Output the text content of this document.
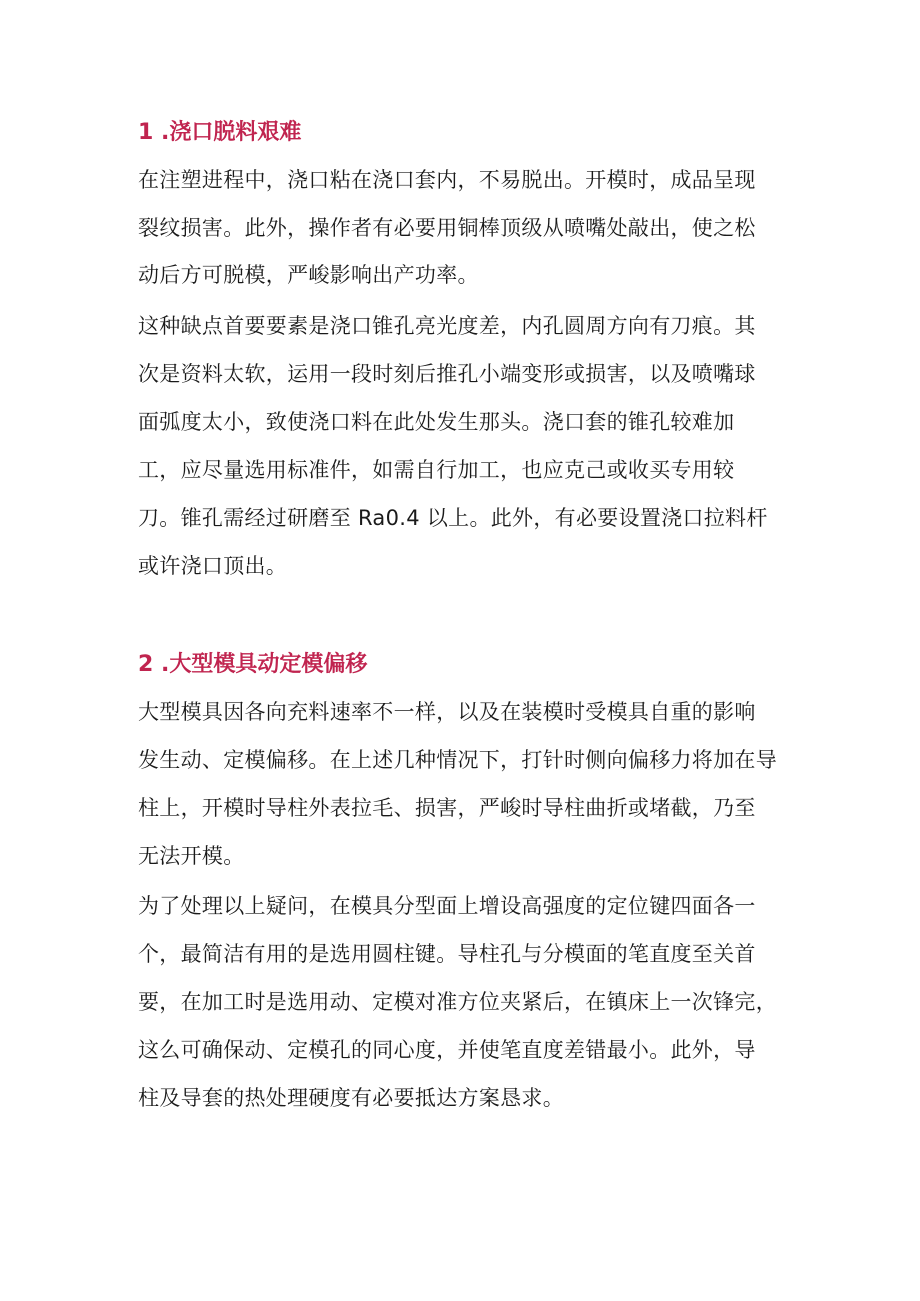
1 .浇口脱料艰难

在注塑进程中，浇口粘在浇口套内，不易脱出。开模时，成品呈现

裂纹损害。此外，操作者有必要用铜棒顶级从喷嘴处敲出，使之松

动后方可脱模，严峻影响出产功率。

这种缺点首要要素是浇口锥孔亮光度差，内孔圆周方向有刀痕。其

次是资料太软，运用一段时刻后推孔小端变形或损害，以及喷嘴球

面弧度太小，致使浇口料在此处发生那头。浇口套的锥孔较难加

工，应尽量选用标准件，如需自行加工，也应克己或收买专用较

刀。锥孔需经过研磨至 Ra0.4 以上。此外，有必要设置浇口拉料杆

或许浇口顶出。

2 .大型模具动定模偏移

大型模具因各向充料速率不一样，以及在装模时受模具自重的影响

发生动、定模偏移。在上述几种情况下，打针时侧向偏移力将加在导

柱上，开模时导柱外表拉毛、损害，严峻时导柱曲折或堵截，乃至

无法开模。

为了处理以上疑问，在模具分型面上增设高强度的定位键四面各一

个，最简洁有用的是选用圆柱键。导柱孔与分模面的笔直度至关首

要，在加工时是选用动、定模对准方位夹紧后，在镇床上一次锋完，

这么可确保动、定模孔的同心度，并使笔直度差错最小。此外，导

柱及导套的热处理硬度有必要抵达方案恳求。
